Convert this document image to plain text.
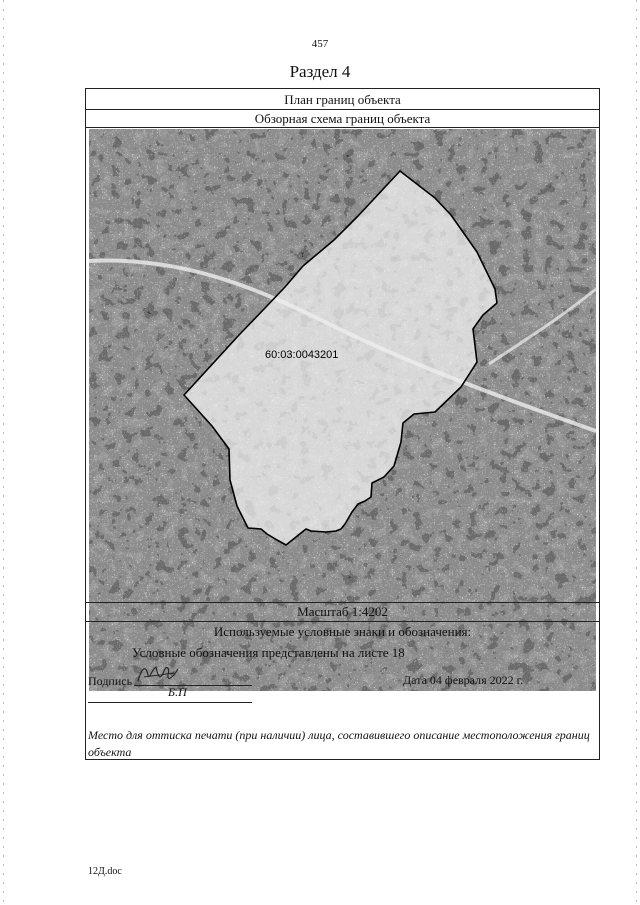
457
Раздел 4
План границ объекта
Обзорная схема границ объекта
60:03:0043201
Масштаб 1:4202
Используемые условные знаки и обозначения:
Условные обозначения представлены на листе 18
Подпись
Б.П
Дата 04 февраля 2022 г.
Место для оттиска печати (при наличии) лица, составившего описание местоположения границ объекта
12Д.doc
